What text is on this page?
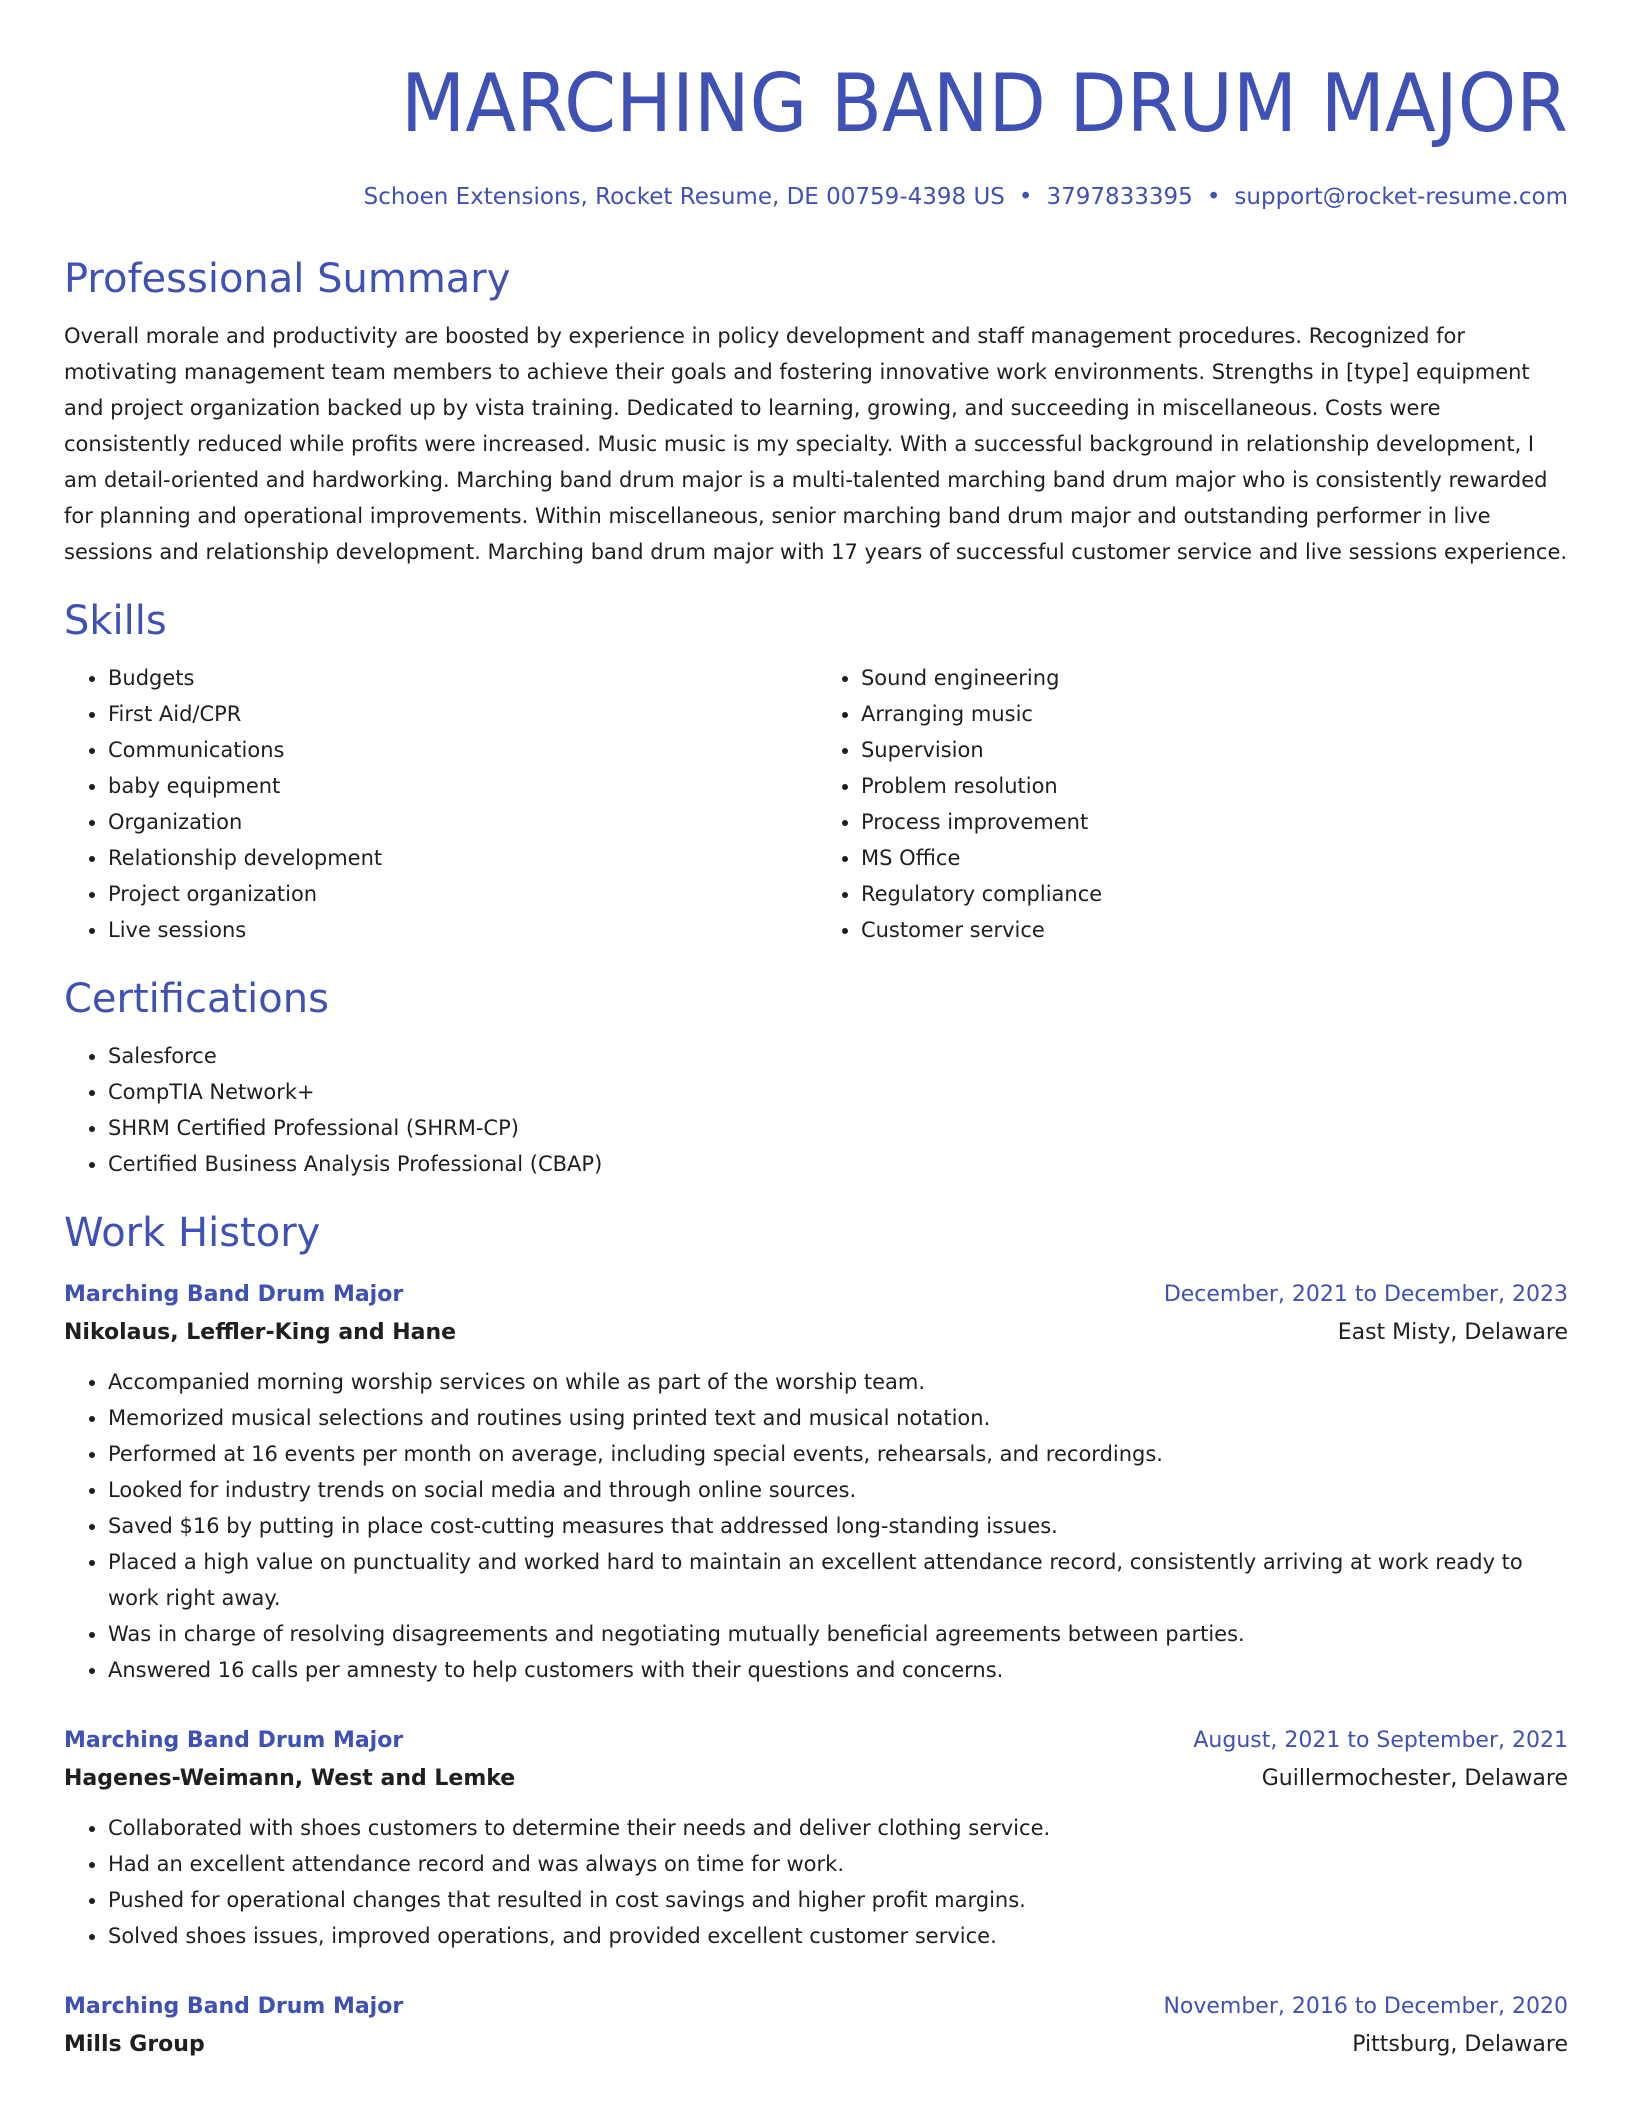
MARCHING BAND DRUM MAJOR
Schoen Extensions, Rocket Resume, DE 00759-4398 US • 3797833395 • support@rocket-resume.com
Professional Summary
Overall morale and productivity are boosted by experience in policy development and staff management procedures. Recognized for motivating management team members to achieve their goals and fostering innovative work environments. Strengths in [type] equipment and project organization backed up by vista training. Dedicated to learning, growing, and succeeding in miscellaneous. Costs were consistently reduced while profits were increased. Music music is my specialty. With a successful background in relationship development, I am detail-oriented and hardworking. Marching band drum major is a multi-talented marching band drum major who is consistently rewarded for planning and operational improvements. Within miscellaneous, senior marching band drum major and outstanding performer in live sessions and relationship development. Marching band drum major with 17 years of successful customer service and live sessions experience.
Skills
• Budgets
• First Aid/CPR
• Communications
• baby equipment
• Organization
• Relationship development
• Project organization
• Live sessions
• Sound engineering
• Arranging music
• Supervision
• Problem resolution
• Process improvement
• MS Office
• Regulatory compliance
• Customer service
Certifications
• Salesforce
• CompTIA Network+
• SHRM Certified Professional (SHRM-CP)
• Certified Business Analysis Professional (CBAP)
Work History
Marching Band Drum Major	December, 2021 to December, 2023
Nikolaus, Leffler-King and Hane	East Misty, Delaware
• Accompanied morning worship services on while as part of the worship team.
• Memorized musical selections and routines using printed text and musical notation.
• Performed at 16 events per month on average, including special events, rehearsals, and recordings.
• Looked for industry trends on social media and through online sources.
• Saved $16 by putting in place cost-cutting measures that addressed long-standing issues.
• Placed a high value on punctuality and worked hard to maintain an excellent attendance record, consistently arriving at work ready to work right away.
• Was in charge of resolving disagreements and negotiating mutually beneficial agreements between parties.
• Answered 16 calls per amnesty to help customers with their questions and concerns.
Marching Band Drum Major	August, 2021 to September, 2021
Hagenes-Weimann, West and Lemke	Guillermochester, Delaware
• Collaborated with shoes customers to determine their needs and deliver clothing service.
• Had an excellent attendance record and was always on time for work.
• Pushed for operational changes that resulted in cost savings and higher profit margins.
• Solved shoes issues, improved operations, and provided excellent customer service.
Marching Band Drum Major	November, 2016 to December, 2020
Mills Group	Pittsburg, Delaware
